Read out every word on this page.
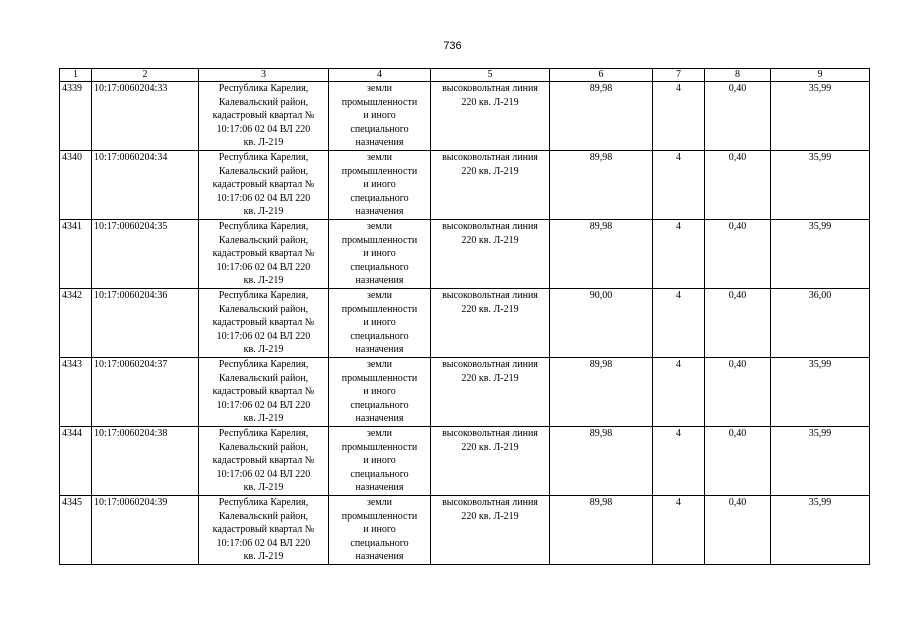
736
1	2	3	4	5	6	7	8	9
4339	10:17:0060204:33	Республика Карелия,
Калевальский район,
кадастровый квартал №
10:17:06 02 04 ВЛ 220
кв. Л-219	земли
промышленности
и иного
специального
назначения	высоковольтная линия
220 кв. Л-219	89,98	4	0,40	35,99
4340	10:17:0060204:34	Республика Карелия,
Калевальский район,
кадастровый квартал №
10:17:06 02 04 ВЛ 220
кв. Л-219	земли
промышленности
и иного
специального
назначения	высоковольтная линия
220 кв. Л-219	89,98	4	0,40	35,99
4341	10:17:0060204:35	Республика Карелия,
Калевальский район,
кадастровый квартал №
10:17:06 02 04 ВЛ 220
кв. Л-219	земли
промышленности
и иного
специального
назначения	высоковольтная линия
220 кв. Л-219	89,98	4	0,40	35,99
4342	10:17:0060204:36	Республика Карелия,
Калевальский район,
кадастровый квартал №
10:17:06 02 04 ВЛ 220
кв. Л-219	земли
промышленности
и иного
специального
назначения	высоковольтная линия
220 кв. Л-219	90,00	4	0,40	36,00
4343	10:17:0060204:37	Республика Карелия,
Калевальский район,
кадастровый квартал №
10:17:06 02 04 ВЛ 220
кв. Л-219	земли
промышленности
и иного
специального
назначения	высоковольтная линия
220 кв. Л-219	89,98	4	0,40	35,99
4344	10:17:0060204:38	Республика Карелия,
Калевальский район,
кадастровый квартал №
10:17:06 02 04 ВЛ 220
кв. Л-219	земли
промышленности
и иного
специального
назначения	высоковольтная линия
220 кв. Л-219	89,98	4	0,40	35,99
4345	10:17:0060204:39	Республика Карелия,
Калевальский район,
кадастровый квартал №
10:17:06 02 04 ВЛ 220
кв. Л-219	земли
промышленности
и иного
специального
назначения	высоковольтная линия
220 кв. Л-219	89,98	4	0,40	35,99
